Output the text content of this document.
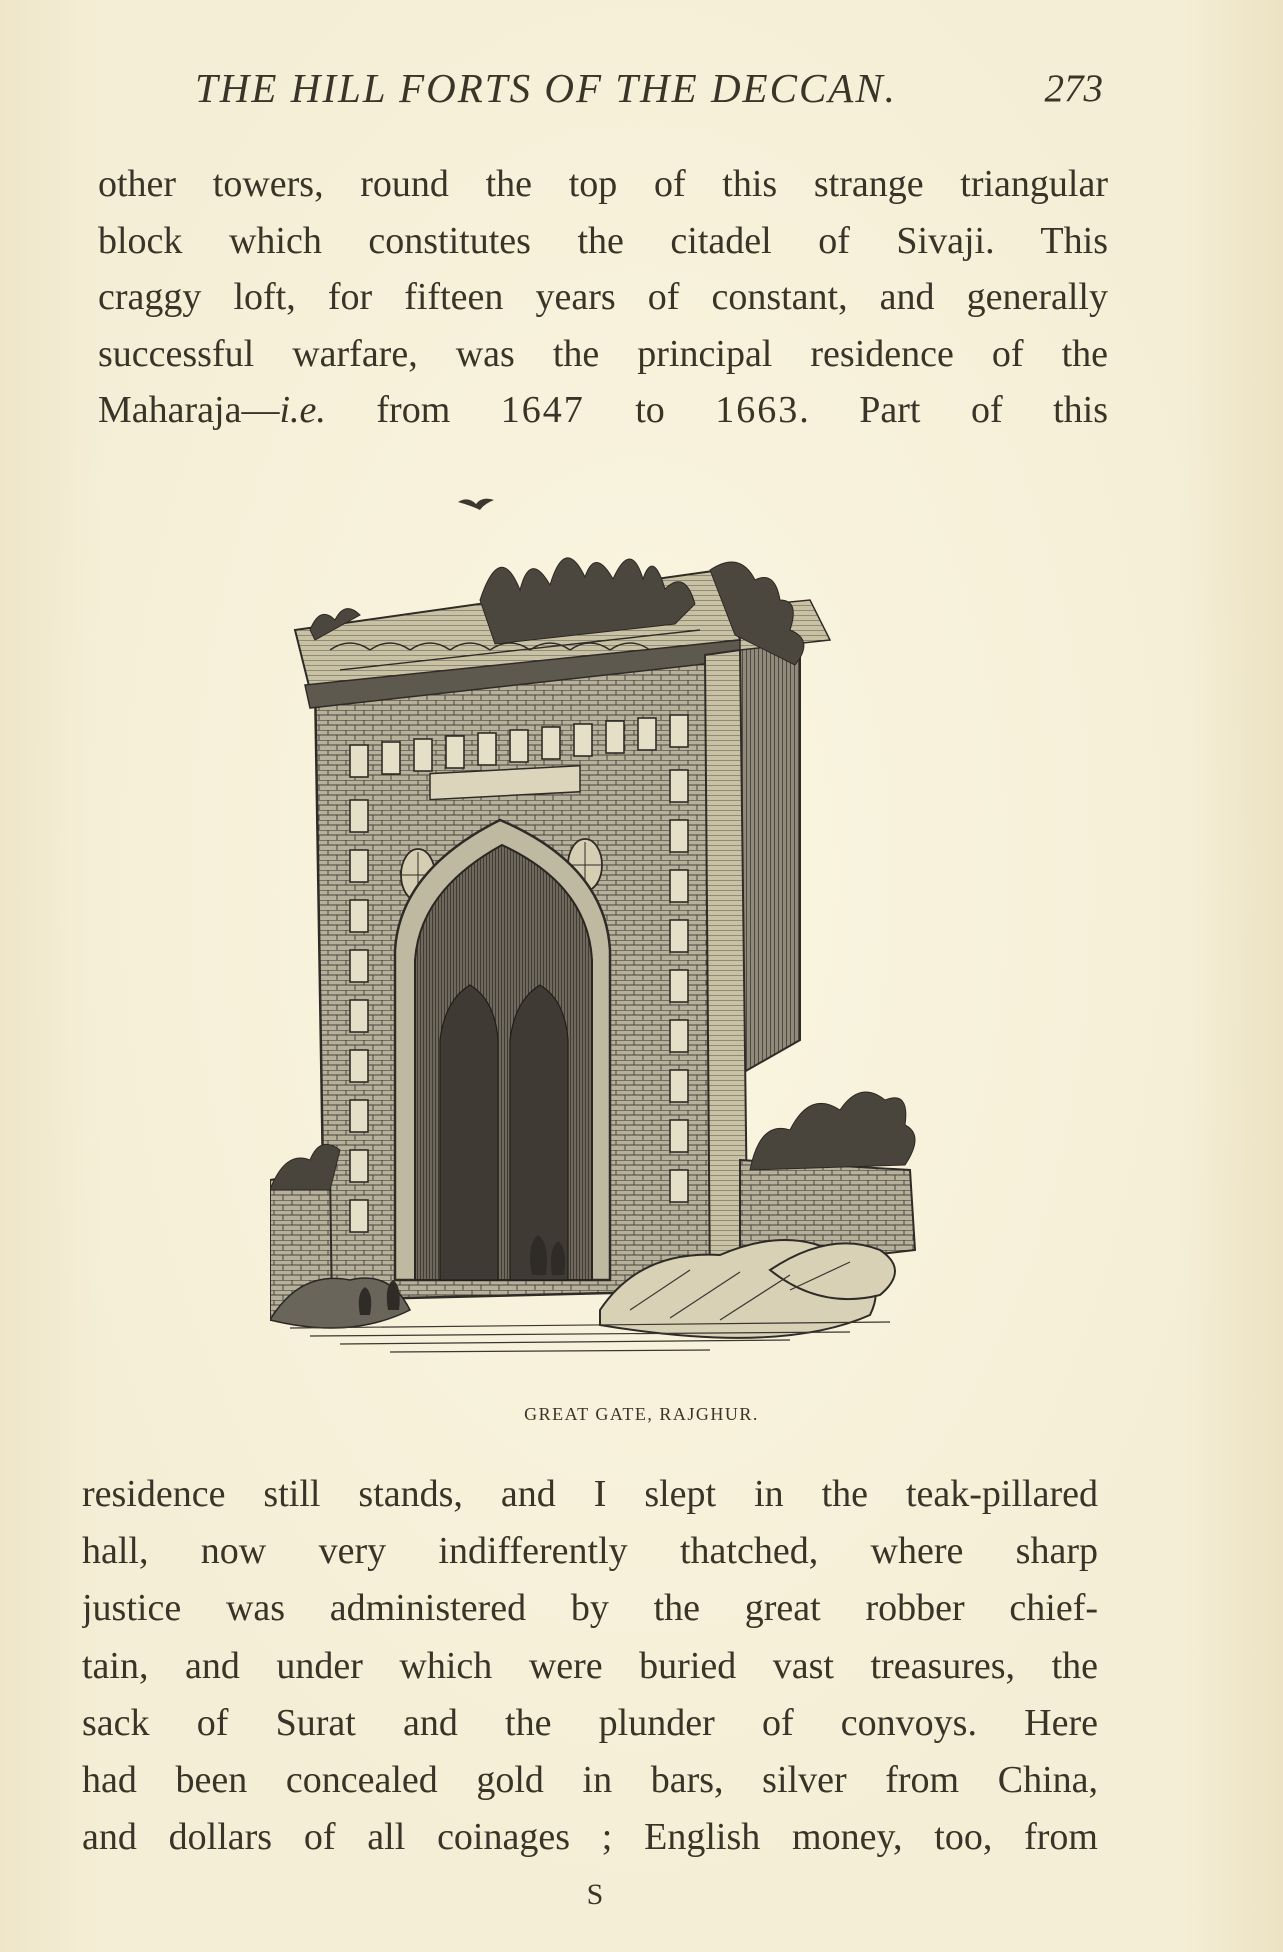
THE HILL FORTS OF THE DECCAN.	273
other towers, round the top of this strange triangular
block which constitutes the citadel of Sivaji. This
craggy loft, for fifteen years of constant, and generally
successful warfare, was the principal residence of the
Maharaja—i.e. from 1647 to 1663. Part of this
GREAT GATE, RAJGHUR.
residence still stands, and I slept in the teak-pillared
hall, now very indifferently thatched, where sharp
justice was administered by the great robber chief-
tain, and under which were buried vast treasures, the
sack of Surat and the plunder of convoys. Here
had been concealed gold in bars, silver from China,
and dollars of all coinages ; English money, too, from
S
